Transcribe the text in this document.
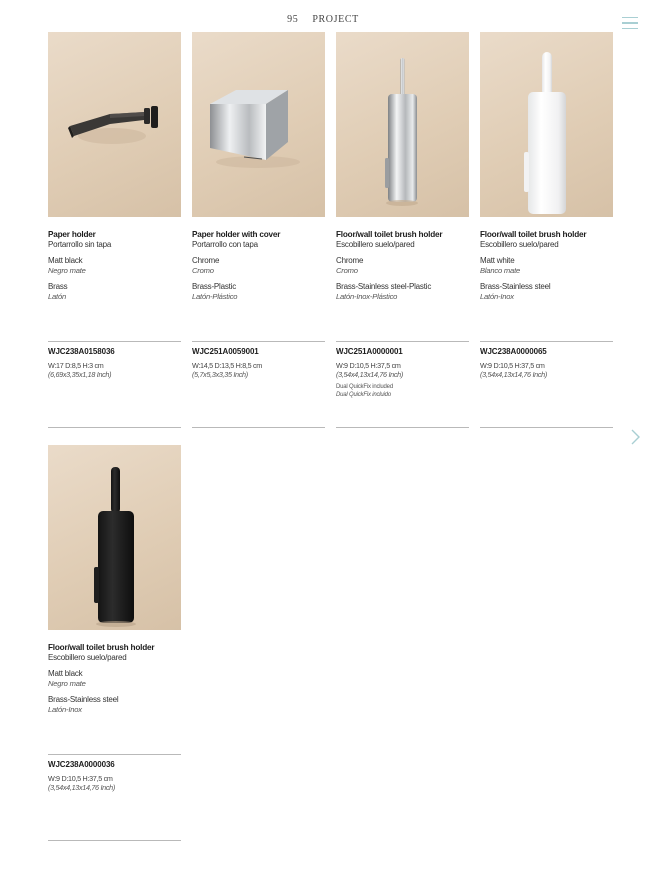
95 PROJECT
Paper holder
Portarrollo sin tapa
Matt black
Negro mate
Brass
Latón
Paper holder with cover
Portarrollo con tapa
Chrome
Cromo
Brass-Plastic
Latón-Plástico
Floor/wall toilet brush holder
Escobillero suelo/pared
Chrome
Cromo
Brass-Stainless steel-Plastic
Latón-Inox-Plástico
Floor/wall toilet brush holder
Escobillero suelo/pared
Matt white
Blanco mate
Brass-Stainless steel
Latón-Inox
WJC238A0158036	WJC251A0059001	WJC251A0000001	WJC238A0000065
W:17 D:8,5 H:3 cm
(6,69x3,35x1,18 Inch)
W:14,5 D:13,5 H:8,5 cm
(5,7x5,3x3,35 Inch)
W:9 D:10,5 H:37,5 cm
(3,54x4,13x14,76 Inch)
Dual QuickFix included
Dual QuickFix incluido
W:9 D:10,5 H:37,5 cm
(3,54x4,13x14,76 Inch)
Floor/wall toilet brush holder
Escobillero suelo/pared
Matt black
Negro mate
Brass-Stainless steel
Latón-Inox
WJC238A0000036
W:9 D:10,5 H:37,5 cm
(3,54x4,13x14,76 Inch)
